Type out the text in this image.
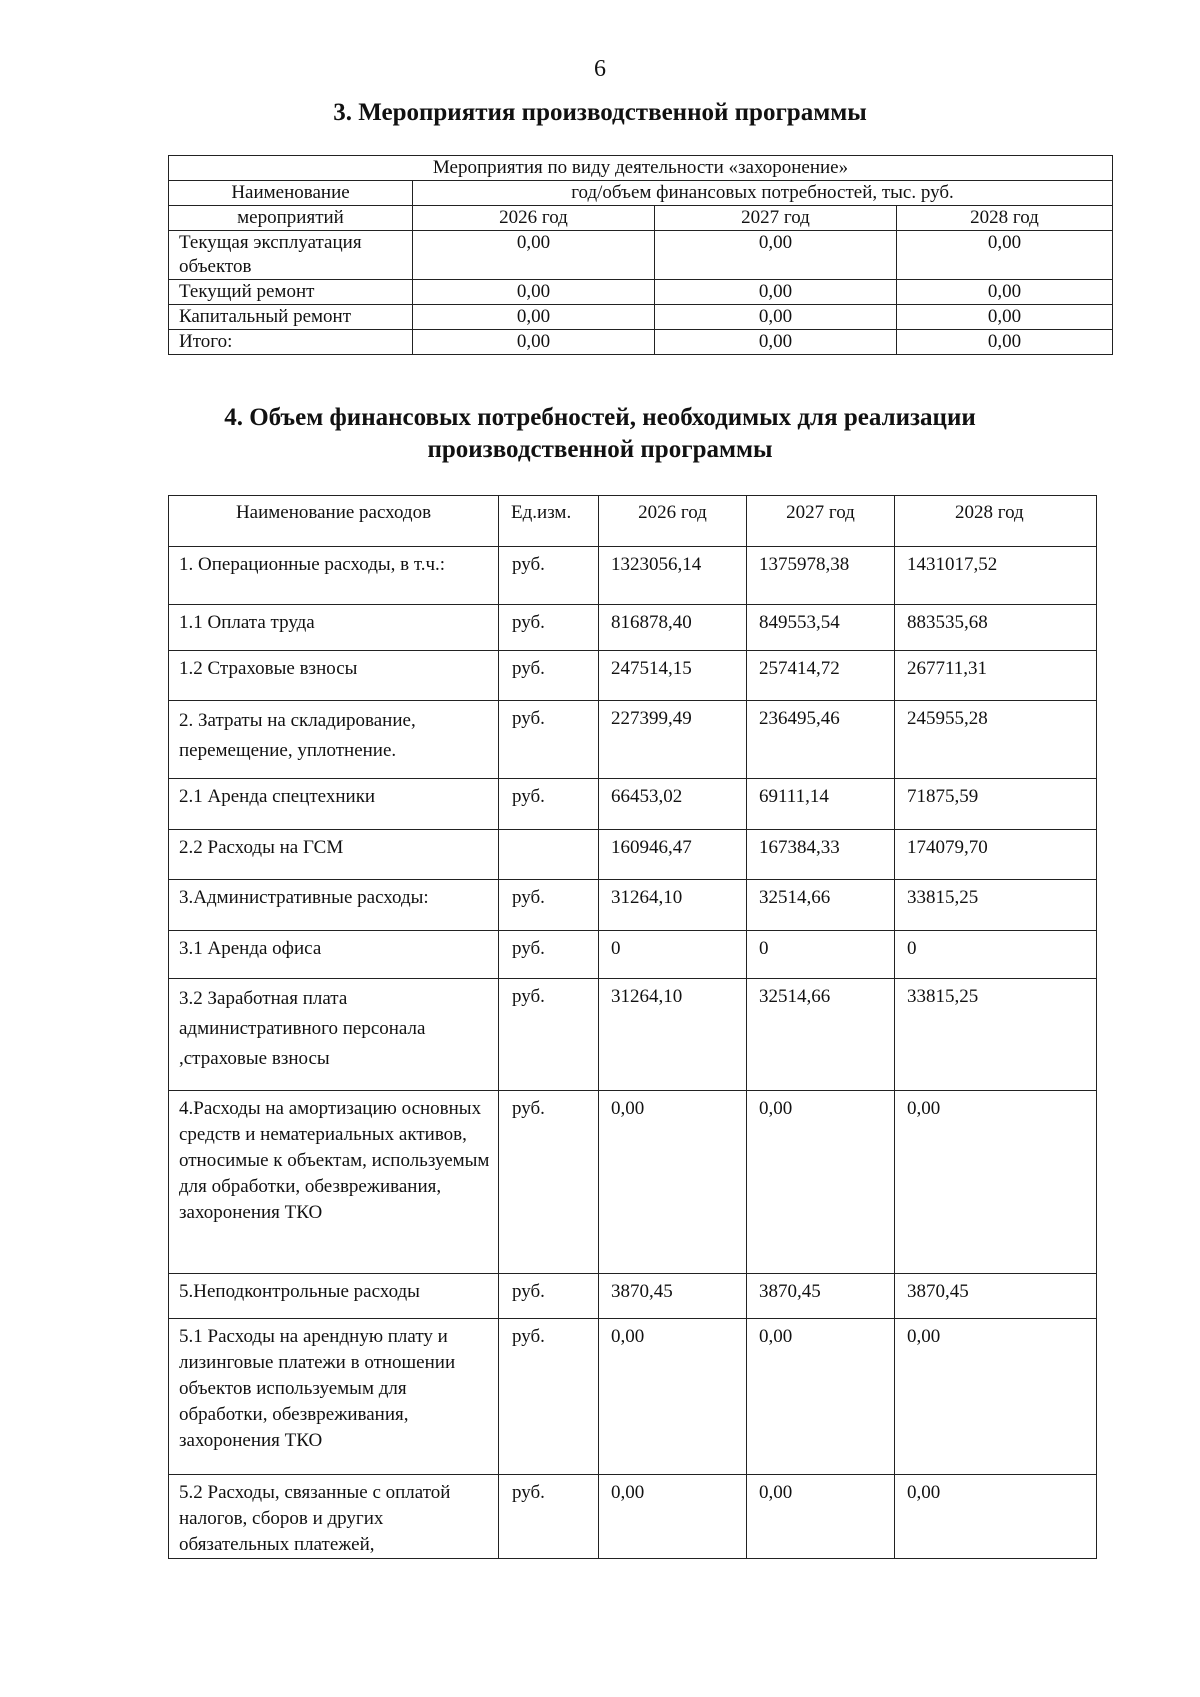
6
3. Мероприятия производственной программы
Мероприятия по виду деятельности «захоронение»			
Наименование	год/объем финансовых потребностей, тыс. руб.		
мероприятий	2026 год	2027 год	2028 год
Текущая эксплуатация объектов	0,00	0,00	0,00
Текущий ремонт	0,00	0,00	0,00
Капитальный ремонт	0,00	0,00	0,00
Итого:	0,00	0,00	0,00
4. Объем финансовых потребностей, необходимых для реализации
производственной программы
Наименование расходов	Ед.изм.	2026 год	2027 год	2028 год
1. Операционные расходы, в т.ч.:	руб.	1323056,14	1375978,38	1431017,52
1.1 Оплата труда	руб.	816878,40	849553,54	883535,68
1.2 Страховые взносы	руб.	247514,15	257414,72	267711,31
2. Затраты на складирование, перемещение, уплотнение.	руб.	227399,49	236495,46	245955,28
2.1 Аренда спецтехники	руб.	66453,02	69111,14	71875,59
2.2 Расходы на ГСМ		160946,47	167384,33	174079,70
3.Административные расходы:	руб.	31264,10	32514,66	33815,25
3.1 Аренда офиса	руб.	0	0	0
3.2 Заработная плата административного персонала ,страховые взносы	руб.	31264,10	32514,66	33815,25
4.Расходы на амортизацию основных средств и нематериальных активов, относимые к объектам, используемым для обработки, обезвреживания, захоронения ТКО	руб.	0,00	0,00	0,00
5.Неподконтрольные расходы	руб.	3870,45	3870,45	3870,45
5.1 Расходы на арендную плату и лизинговые платежи в отношении объектов используемым для обработки, обезвреживания, захоронения ТКО	руб.	0,00	0,00	0,00
5.2 Расходы, связанные с оплатой налогов, сборов и других обязательных платежей,	руб.	0,00	0,00	0,00
